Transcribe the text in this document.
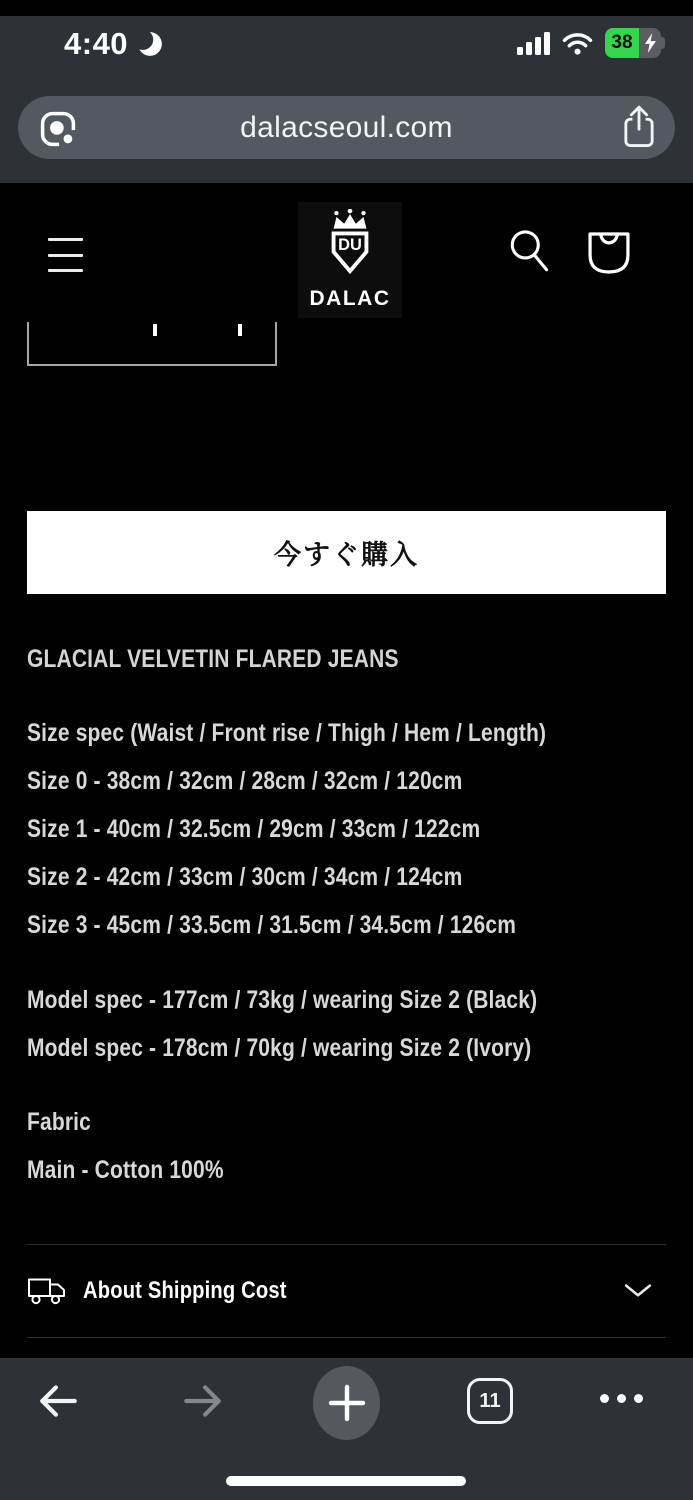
4:40	38
dalacseoul.com
DU
DALAC
今すぐ購入
GLACIAL VELVETIN FLARED JEANS
Size spec (Waist / Front rise / Thigh / Hem / Length)
Size 0 - 38cm / 32cm / 28cm / 32cm / 120cm
Size 1 - 40cm / 32.5cm / 29cm / 33cm / 122cm
Size 2 - 42cm / 33cm / 30cm / 34cm / 124cm
Size 3 - 45cm / 33.5cm / 31.5cm / 34.5cm / 126cm
Model spec - 177cm / 73kg / wearing Size 2 (Black)
Model spec - 178cm / 70kg / wearing Size 2 (Ivory)
Fabric
Main - Cotton 100%
About Shipping Cost
11
